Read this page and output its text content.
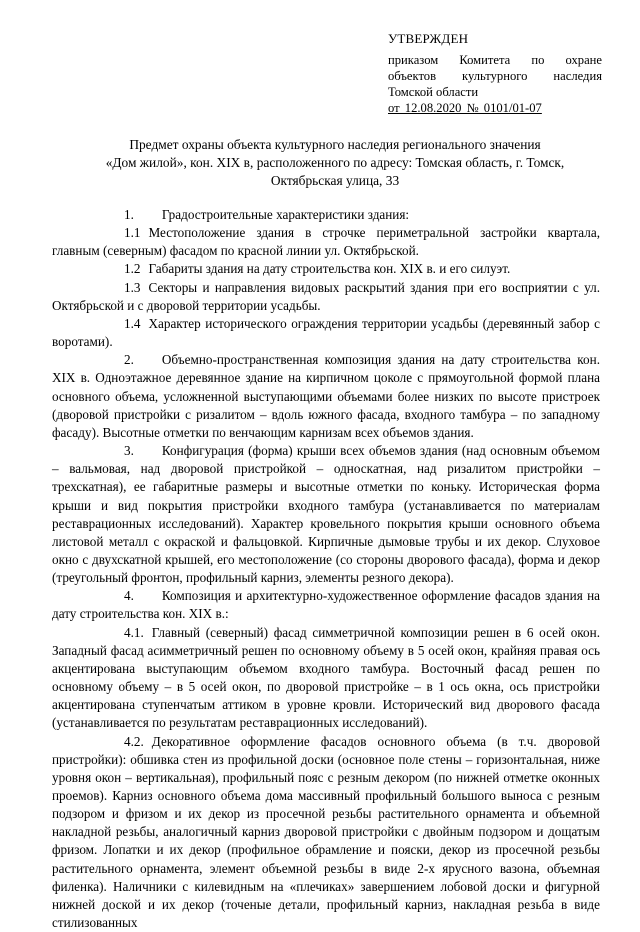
УТВЕРЖДЕН
приказом Комитета по охране
объектов культурного наследия
Томской области
от 12.08.2020 № 0101/01-07
Предмет охраны объекта культурного наследия регионального значения
«Дом жилой», кон. XIX в, расположенного по адресу: Томская область, г. Томск,
Октябрьская улица, 33

1. Градостроительные характеристики здания:

1.1 Местоположение здания в строчке периметральной застройки квартала, главным (северным) фасадом по красной линии ул. Октябрьской.

1.2 Габариты здания на дату строительства кон. XIX в. и его силуэт.

1.3 Секторы и направления видовых раскрытий здания при его восприятии с ул. Октябрьской и с дворовой территории усадьбы.

1.4 Характер исторического ограждения территории усадьбы (деревянный забор с воротами).

2. Объемно-пространственная композиция здания на дату строительства кон. XIX в. Одноэтажное деревянное здание на кирпичном цоколе с прямоугольной формой плана основного объема, усложненной выступающими объемами более низких по высоте пристроек (дворовой пристройки с ризалитом – вдоль южного фасада, входного тамбура – по западному фасаду). Высотные отметки по венчающим карнизам всех объемов здания.

3. Конфигурация (форма) крыши всех объемов здания (над основным объемом – вальмовая, над дворовой пристройкой – односкатная, над ризалитом пристройки – трехскатная), ее габаритные размеры и высотные отметки по коньку. Историческая форма крыши и вид покрытия пристройки входного тамбура (устанавливается по материалам реставрационных исследований). Характер кровельного покрытия крыши основного объема листовой металл с окраской и фальцовкой. Кирпичные дымовые трубы и их декор. Слуховое окно с двухскатной крышей, его местоположение (со стороны дворового фасада), форма и декор (треугольный фронтон, профильный карниз, элементы резного декора).

4. Композиция и архитектурно-художественное оформление фасадов здания на дату строительства кон. XIX в.:

4.1. Главный (северный) фасад симметричной композиции решен в 6 осей окон. Западный фасад асимметричный решен по основному объему в 5 осей окон, крайняя правая ось акцентирована выступающим объемом входного тамбура. Восточный фасад решен по основному объему – в 5 осей окон, по дворовой пристройке – в 1 ось окна, ось пристройки акцентирована ступенчатым аттиком в уровне кровли. Исторический вид дворового фасада (устанавливается по результатам реставрационных исследований).

4.2. Декоративное оформление фасадов основного объема (в т.ч. дворовой пристройки): обшивка стен из профильной доски (основное поле стены – горизонтальная, ниже уровня окон – вертикальная), профильный пояс с резным декором (по нижней отметке оконных проемов). Карниз основного объема дома массивный профильный большого выноса с резным подзором и фризом и их декор из просечной резьбы растительного орнамента и объемной накладной резьбы, аналогичный карниз дворовой пристройки с двойным подзором и дощатым фризом. Лопатки и их декор (профильное обрамление и пояски, декор из просечной резьбы растительного орнамента, элемент объемной резьбы в виде 2-х ярусного вазона, объемная филенка). Наличники с килевидным на «плечиках» завершением лобовой доски и фигурной нижней доской и их декор (точеные детали, профильный карниз, накладная резьба в виде стилизованных
